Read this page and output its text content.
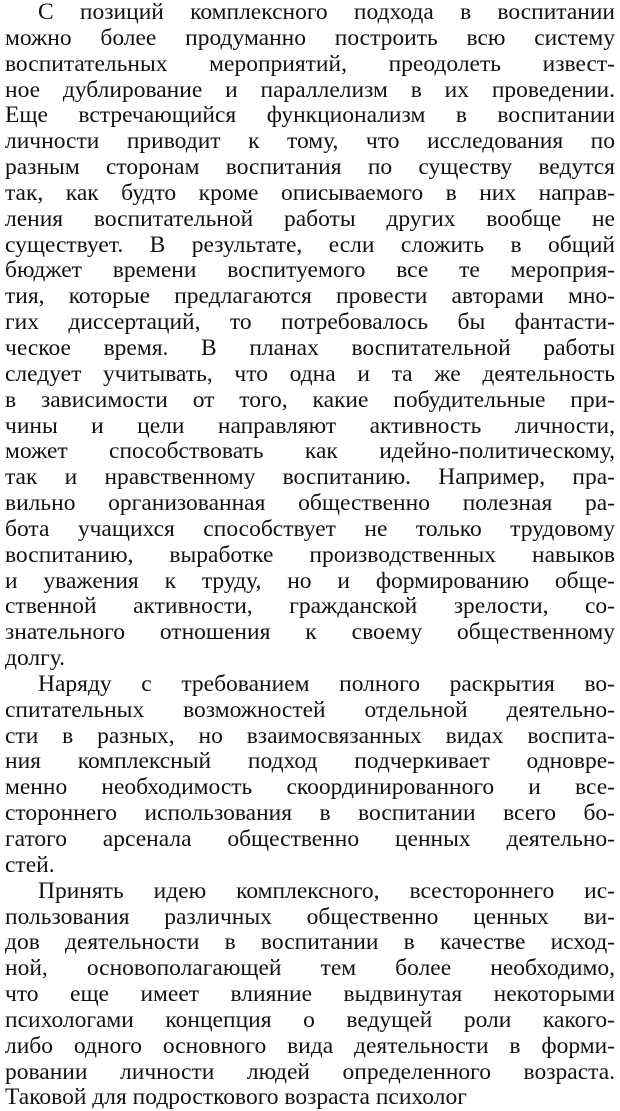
С позиций комплексного подхода в воспитании
можно более продуманно построить всю систему
воспитательных мероприятий, преодолеть извест-
ное дублирование и параллелизм в их проведении.
Еще встречающийся функционализм в воспитании
личности приводит к тому, что исследования по
разным сторонам воспитания по существу ведутся
так, как будто кроме описываемого в них направ-
ления воспитательной работы других вообще не
существует. В результате, если сложить в общий
бюджет времени воспитуемого все те мероприя-
тия, которые предлагаются провести авторами мно-
гих диссертаций, то потребовалось бы фантасти-
ческое время. В планах воспитательной работы
следует учитывать, что одна и та же деятельность
в зависимости от того, какие побудительные при-
чины и цели направляют активность личности,
может способствовать как идейно-политическому,
так и нравственному воспитанию. Например, пра-
вильно организованная общественно полезная ра-
бота учащихся способствует не только трудовому
воспитанию, выработке производственных навыков
и уважения к труду, но и формированию обще-
ственной активности, гражданской зрелости, со-
знательного отношения к своему общественному
долгу.
Наряду с требованием полного раскрытия во-
спитательных возможностей отдельной деятельно-
сти в разных, но взаимосвязанных видах воспита-
ния комплексный подход подчеркивает одновре-
менно необходимость скоординированного и все-
стороннего использования в воспитании всего бо-
гатого арсенала общественно ценных деятельно-
стей.
Принять идею комплексного, всестороннего ис-
пользования различных общественно ценных ви-
дов деятельности в воспитании в качестве исход-
ной, основополагающей тем более необходимо,
что еще имеет влияние выдвинутая некоторыми
психологами концепция о ведущей роли какого-
либо одного основного вида деятельности в форми-
ровании личности людей определенного возраста.
Таковой для подросткового возраста психолог
